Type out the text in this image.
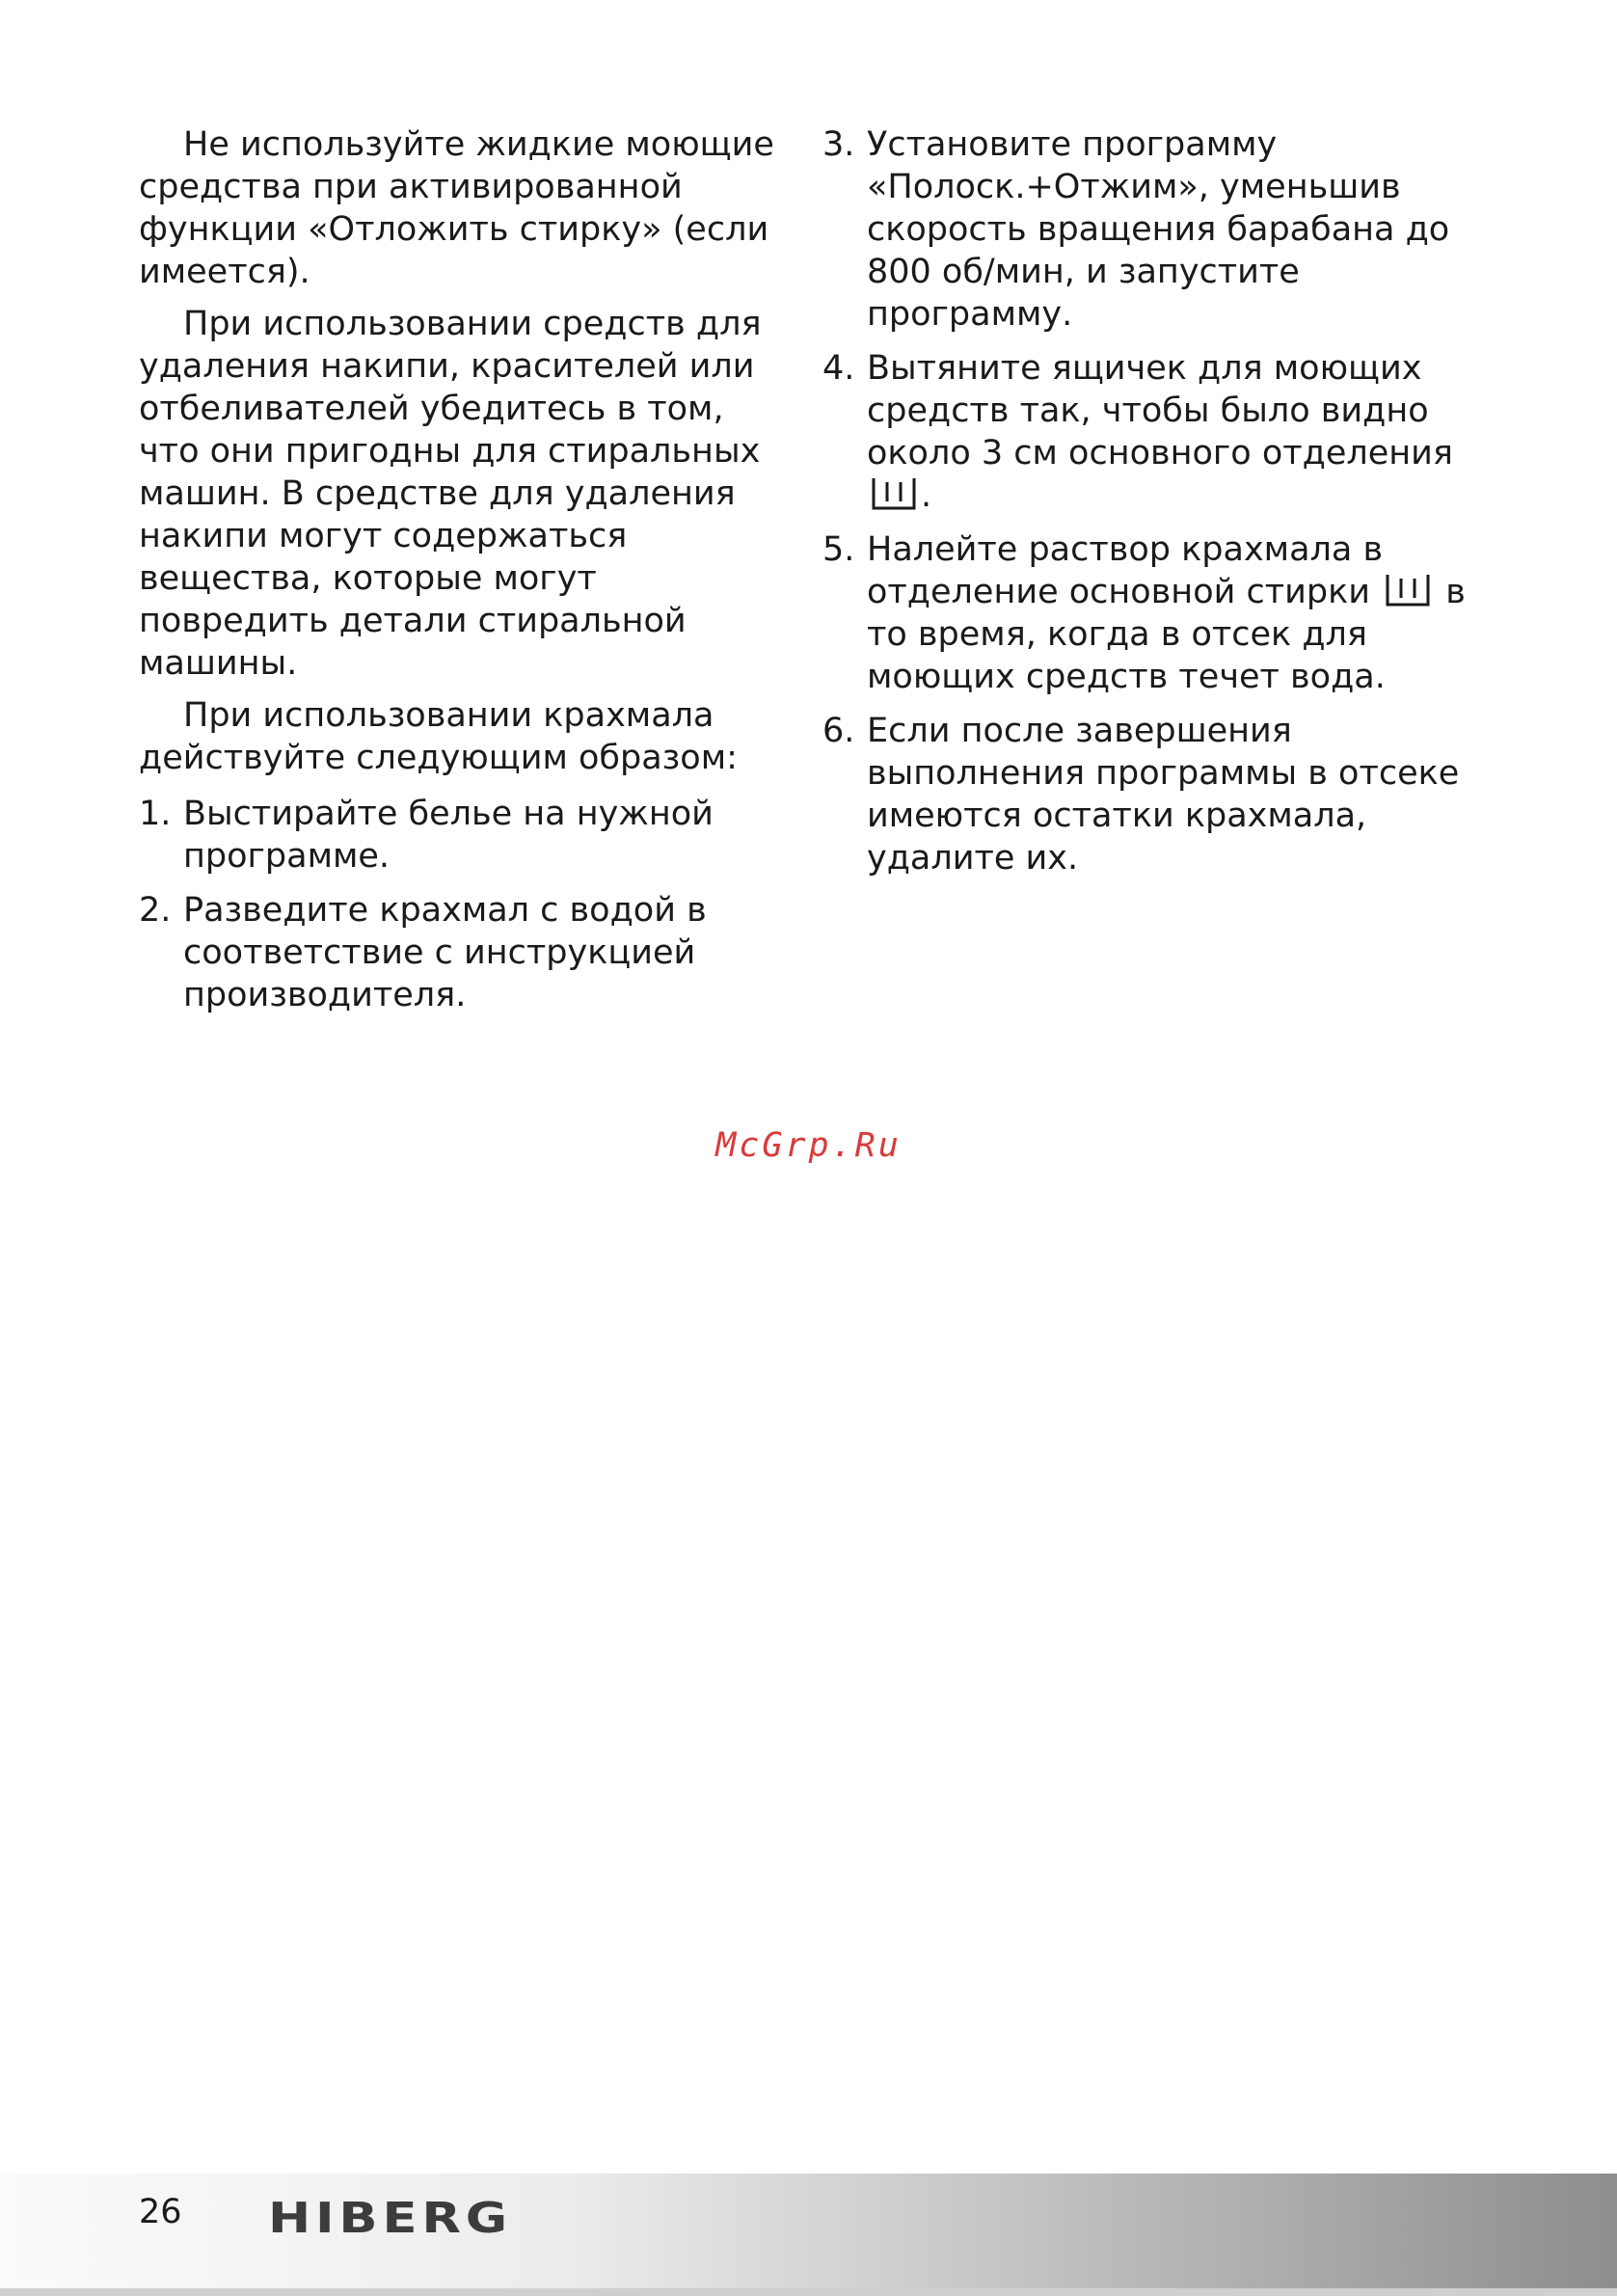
Не используйте жидкие моющие средства при активированной функции «Отложить стирку» (если имеется).

При использовании средств для удаления накипи, красителей или отбеливателей убедитесь в том, что они пригодны для стиральных машин. В средстве для удаления накипи могут содержаться вещества, которые могут повредить детали стиральной машины.

При использовании крахмала действуйте следующим образом:

1. Выстирайте белье на нужной программе.
2. Разведите крахмал с водой в соответствие с инструкцией производителя.
3. Установите программу «Полоск.+Отжим», уменьшив скорость вращения барабана до 800 об/мин, и запустите программу.
4. Вытяните ящичек для моющих средств так, чтобы было видно около 3 см основного отделения
.
5. Налейте раствор крахмала в отделение основной стирки в то время, когда в отсек для моющих средств течет вода.
6. Если после завершения выполнения программы в отсеке имеются остатки крахмала, удалите их.
McGrp.Ru
26 HIBERG
